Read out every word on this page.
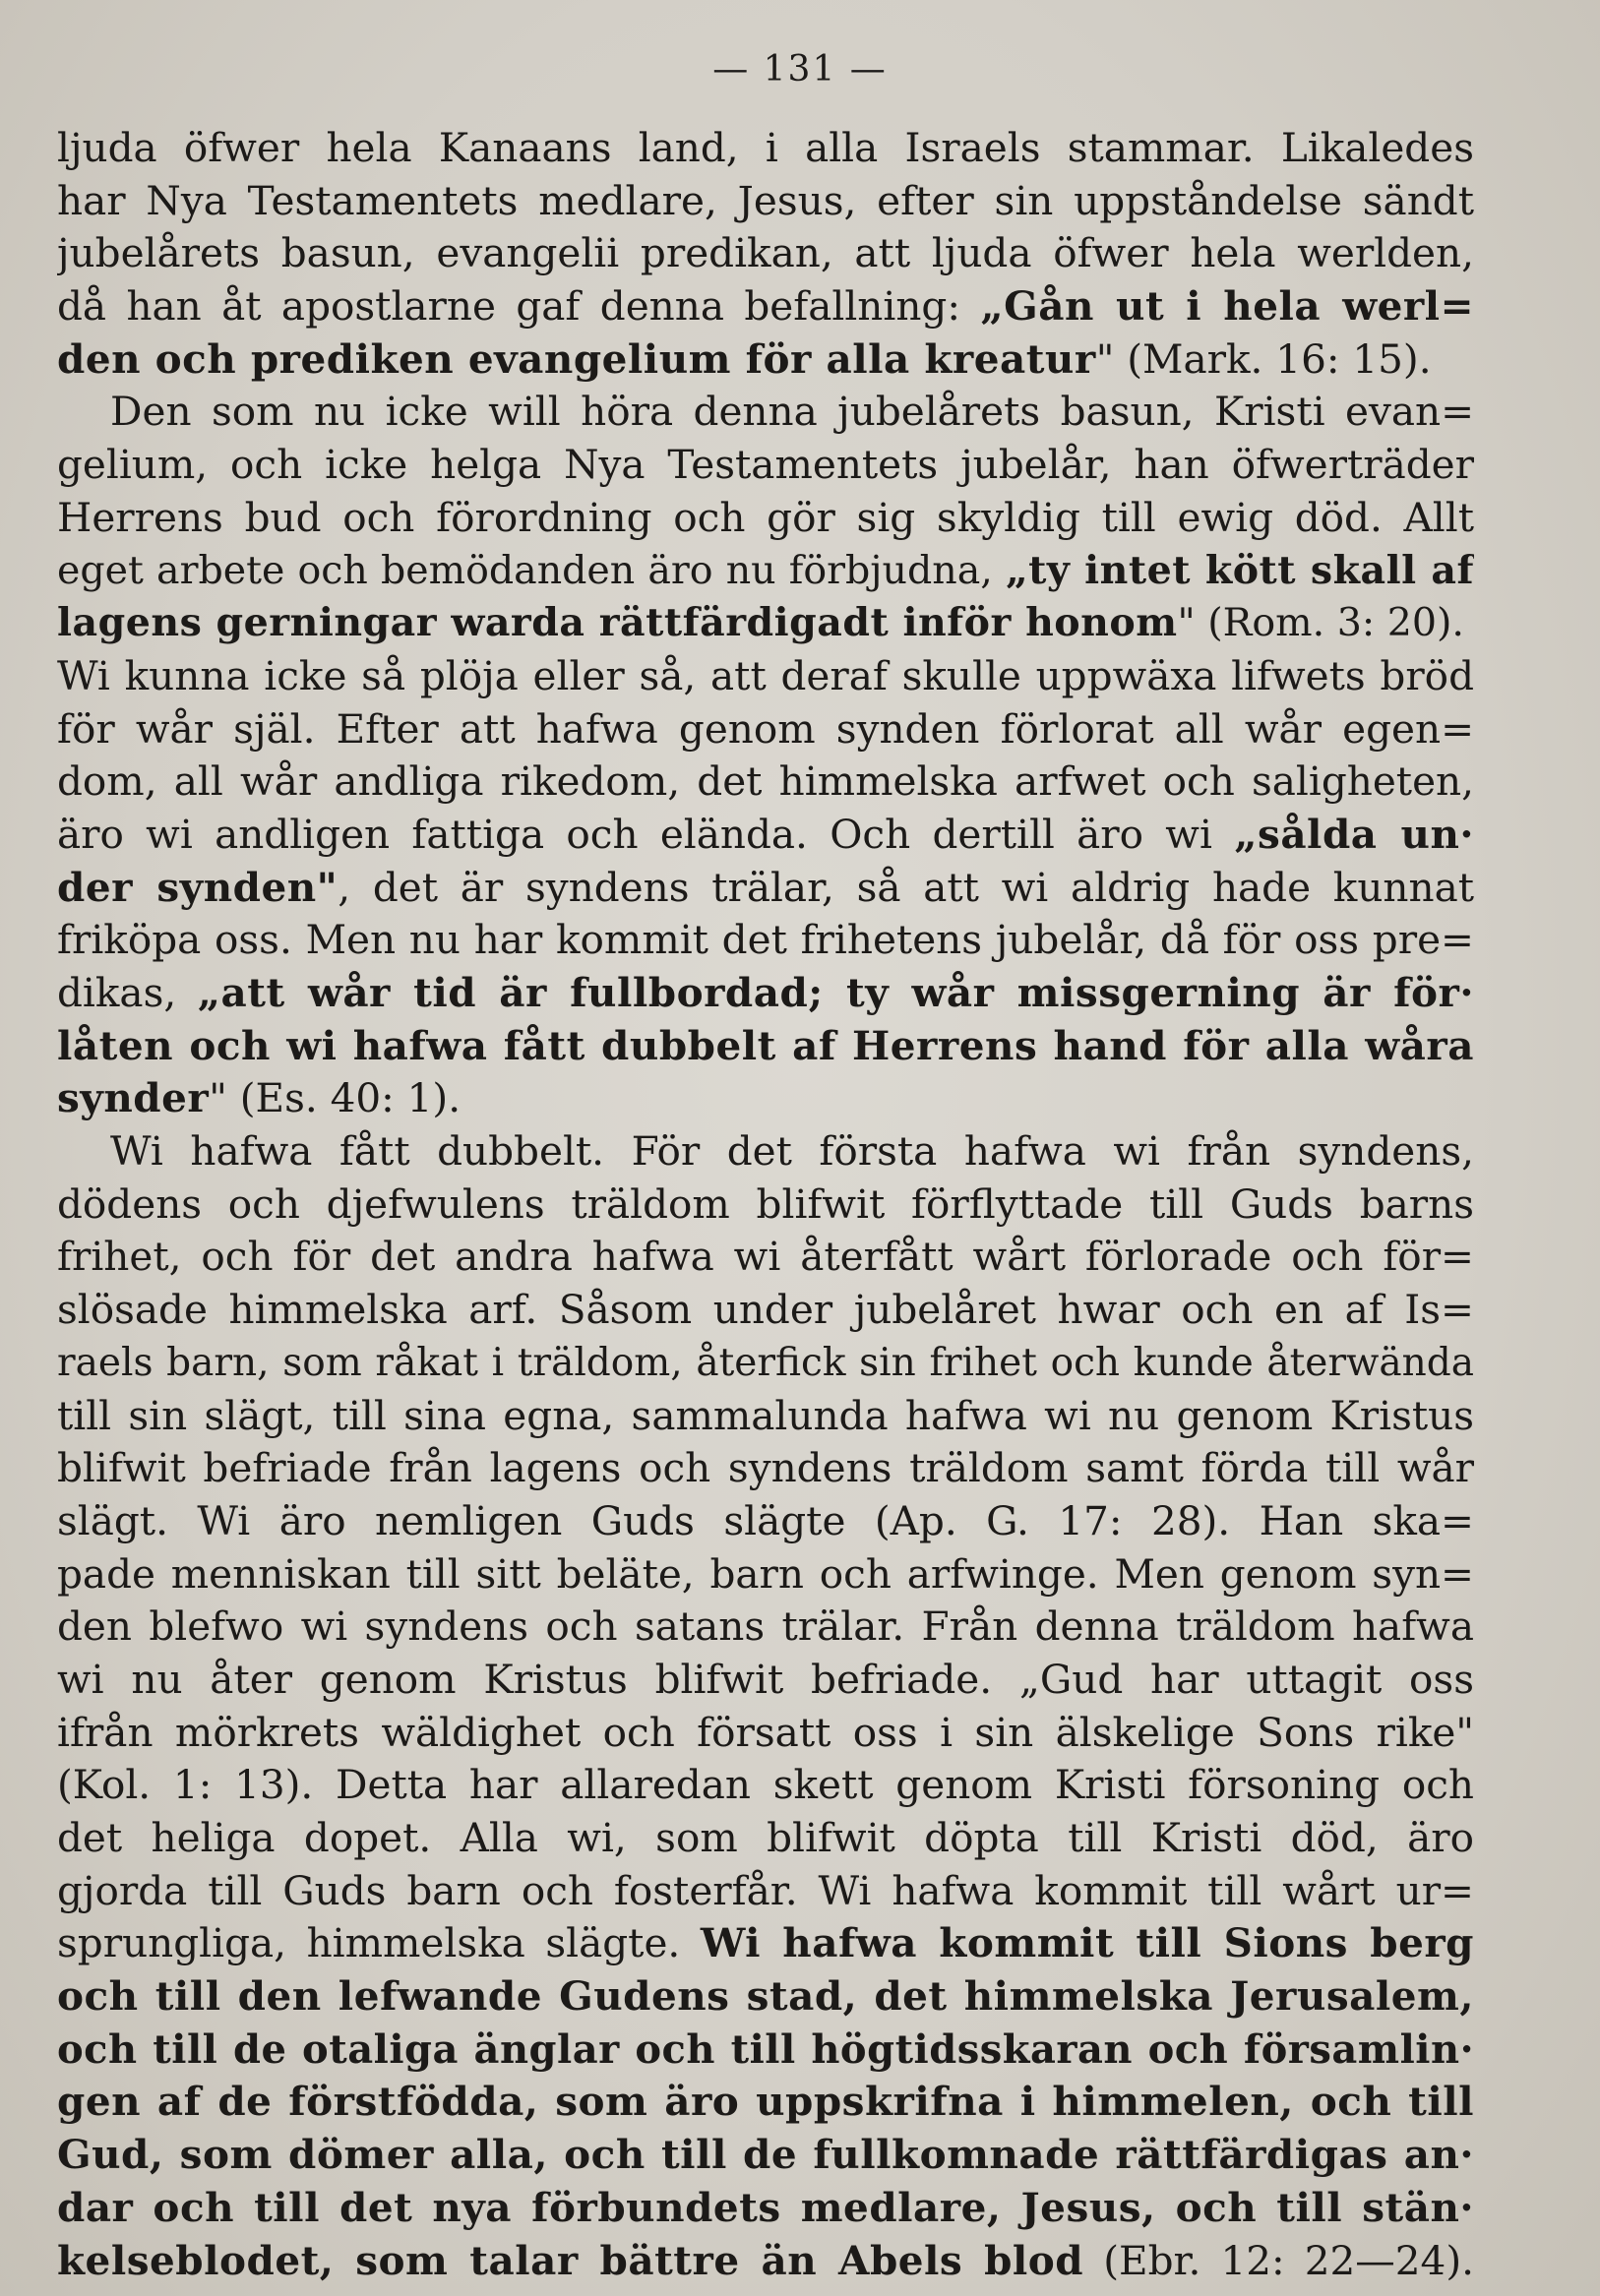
— 131 —
ljuda öfwer hela Kanaans land, i alla Israels stammar. Likaledes
har Nya Testamentets medlare, Jesus, efter sin uppståndelse sändt
jubelårets basun, evangelii predikan, att ljuda öfwer hela werlden,
då han åt apostlarne gaf denna befallning: „Gån ut i hela werl=
den och prediken evangelium för alla kreatur" (Mark. 16: 15).
Den som nu icke will höra denna jubelårets basun, Kristi evan=
gelium, och icke helga Nya Testamentets jubelår, han öfwerträder
Herrens bud och förordning och gör sig skyldig till ewig död. Allt
eget arbete och bemödanden äro nu förbjudna, „ty intet kött skall af
lagens gerningar warda rättfärdigadt inför honom" (Rom. 3: 20).
Wi kunna icke så plöja eller så, att deraf skulle uppwäxa lifwets bröd
för wår själ. Efter att hafwa genom synden förlorat all wår egen=
dom, all wår andliga rikedom, det himmelska arfwet och saligheten,
äro wi andligen fattiga och eländа. Och dertill äro wi „sålda un·
der synden", det är syndens trälar, så att wi aldrig hade kunnat
friköpa oss. Men nu har kommit det frihetens jubelår, då för oss pre=
dikas, „att wår tid är fullbordad; ty wår missgerning är för·
låten och wi hafwa fått dubbelt af Herrens hand för alla wåra
synder" (Es. 40: 1).
Wi hafwa fått dubbelt. För det första hafwa wi från syndens,
dödens och djefwulens träldom blifwit förflyttade till Guds barns
frihet, och för det andra hafwa wi återfått wårt förlorade och för=
slösade himmelska arf. Såsom under jubelåret hwar och en af Is=
raels barn, som råkat i träldom, återfick sin frihet och kunde återwända
till sin slägt, till sina egna, sammalunda hafwa wi nu genom Kristus
blifwit befriade från lagens och syndens träldom samt förda till wår
slägt. Wi äro nemligen Guds slägte (Ap. G. 17: 28). Han ska=
pade menniskan till sitt beläte, barn och arfwinge. Men genom syn=
den blefwo wi syndens och satans trälar. Från denna träldom hafwa
wi nu åter genom Kristus blifwit befriade. „Gud har uttagit oss
ifrån mörkrets wäldighet och försatt oss i sin älskelige Sons rike"
(Kol. 1: 13). Detta har allaredan skett genom Kristi försoning och
det heliga dopet. Alla wi, som blifwit döpta till Kristi död, äro
gjorda till Guds barn och fosterfår. Wi hafwa kommit till wårt ur=
sprungliga, himmelska slägte. Wi hafwa kommit till Sions berg
och till den lefwande Gudens stad, det himmelska Jerusalem,
och till de otaliga änglar och till högtidsskaran och församlin·
gen af de förstfödda, som äro uppskrifna i himmelen, och till
Gud, som dömer alla, och till de fullkomnade rättfärdigas an·
dar och till det nya förbundets medlare, Jesus, och till stän·
kelseblodet, som talar bättre än Abels blod (Ebr. 12: 22—24).
